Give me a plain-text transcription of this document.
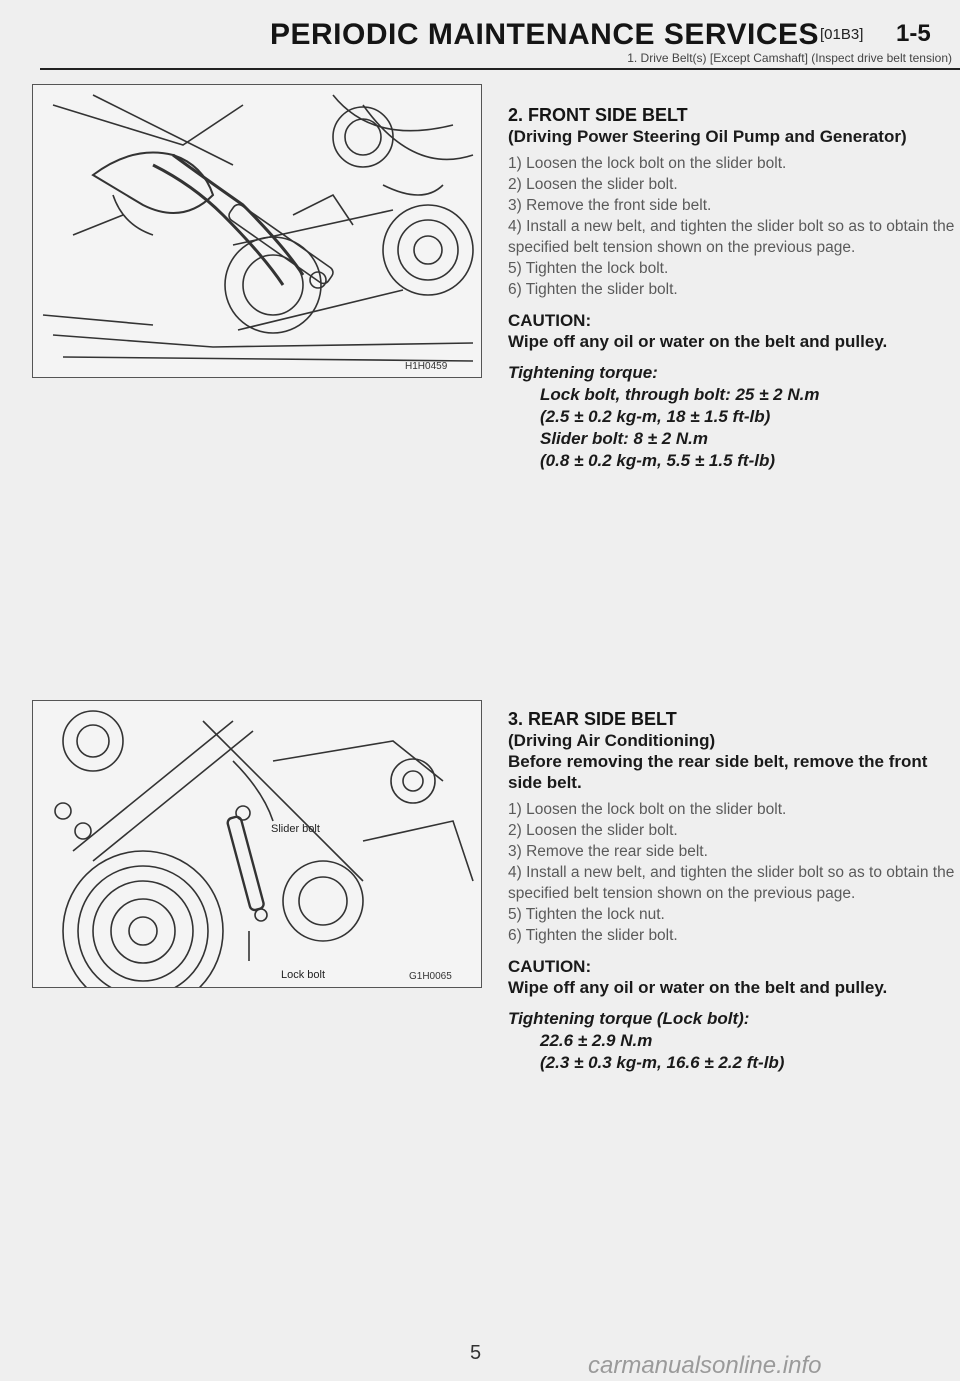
PERIODIC MAINTENANCE SERVICES [01B3] 1-5
1. Drive Belt(s) [Except Camshaft] (Inspect drive belt tension)
H1H0459
Slider bolt
Lock bolt	G1H0065
2. FRONT SIDE BELT
(Driving Power Steering Oil Pump and Generator)
1) Loosen the lock bolt on the slider bolt.
2) Loosen the slider bolt.
3) Remove the front side belt.
4) Install a new belt, and tighten the slider bolt so as to obtain the specified belt tension shown on the previous page.
5) Tighten the lock bolt.
6) Tighten the slider bolt.
CAUTION:
Wipe off any oil or water on the belt and pulley.
Tightening torque:
Lock bolt, through bolt: 25 ± 2 N.m
(2.5 ± 0.2 kg-m, 18 ± 1.5 ft-lb)
Slider bolt: 8 ± 2 N.m
(0.8 ± 0.2 kg-m, 5.5 ± 1.5 ft-lb)
3. REAR SIDE BELT
(Driving Air Conditioning)
Before removing the rear side belt, remove the front side belt.
1) Loosen the lock bolt on the slider bolt.
2) Loosen the slider bolt.
3) Remove the rear side belt.
4) Install a new belt, and tighten the slider bolt so as to obtain the specified belt tension shown on the previous page.
5) Tighten the lock nut.
6) Tighten the slider bolt.
CAUTION:
Wipe off any oil or water on the belt and pulley.
Tightening torque (Lock bolt):
22.6 ± 2.9 N.m
(2.3 ± 0.3 kg-m, 16.6 ± 2.2 ft-lb)
5	carmanualsonline.info
